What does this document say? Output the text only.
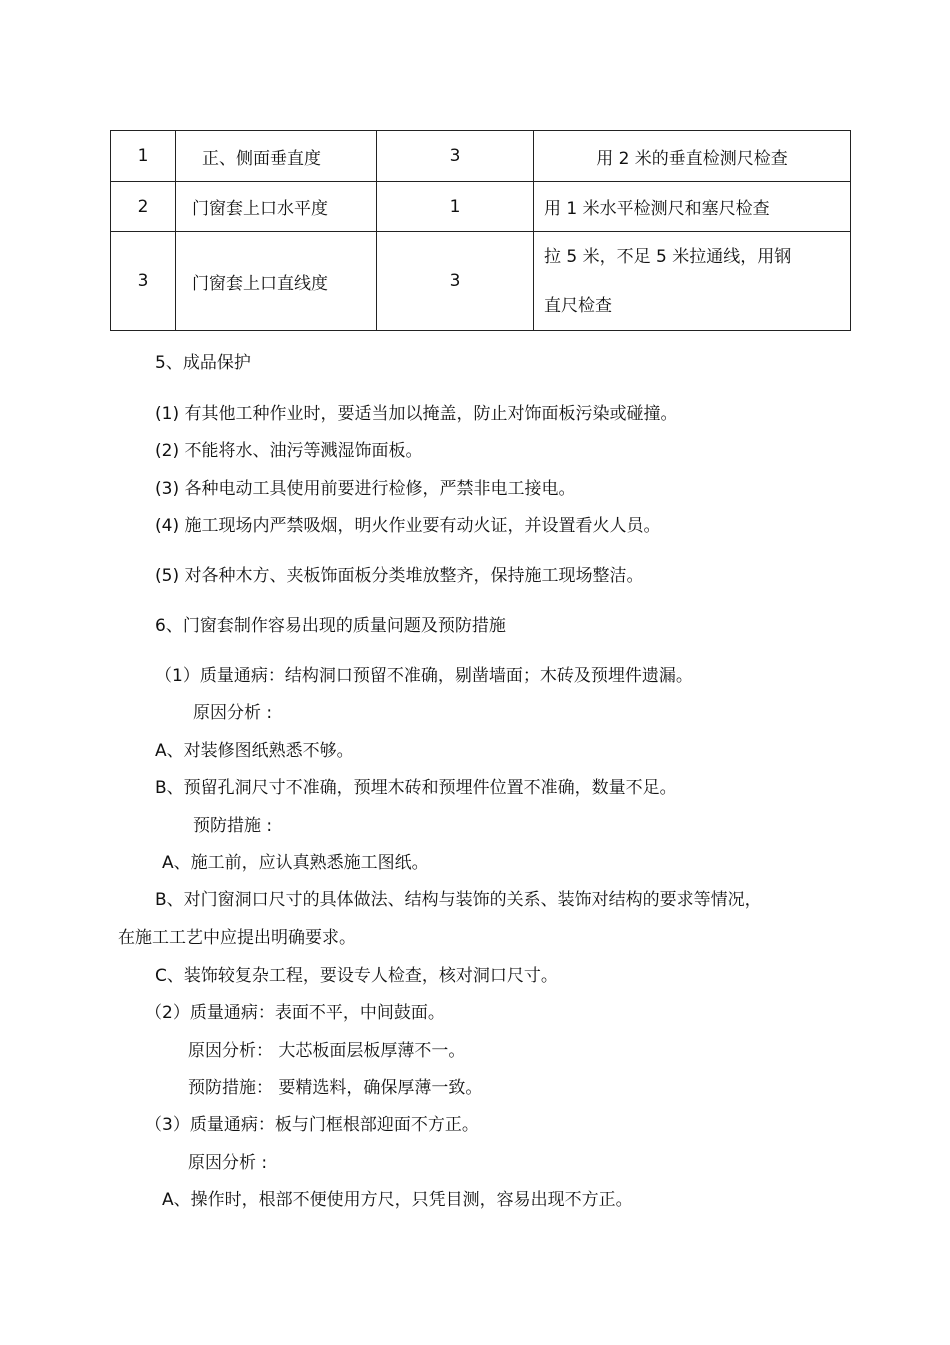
1	正、侧面垂直度	3	用 2 米的垂直检测尺检查
2	门窗套上口水平度	1	用 1 米水平检测尺和塞尺检查
3	门窗套上口直线度	3	拉 5 米，不足 5 米拉通线，用钢
直尺检查
5、成品保护
(1) 有其他工种作业时，要适当加以掩盖，防止对饰面板污染或碰撞。
(2) 不能将水、油污等溅湿饰面板。
(3) 各种电动工具使用前要进行检修，严禁非电工接电。
(4) 施工现场内严禁吸烟，明火作业要有动火证，并设置看火人员。
(5) 对各种木方、夹板饰面板分类堆放整齐，保持施工现场整洁。
6、门窗套制作容易出现的质量问题及预防措施
（1）质量通病：结构洞口预留不准确，剔凿墙面；木砖及预埋件遗漏。
原因分析 :
A、对装修图纸熟悉不够。
B、预留孔洞尺寸不准确，预埋木砖和预埋件位置不准确，数量不足。
预防措施 :
A、施工前，应认真熟悉施工图纸。
B、对门窗洞口尺寸的具体做法、结构与装饰的关系、装饰对结构的要求等情况，
在施工工艺中应提出明确要求。
C、装饰较复杂工程，要设专人检查，核对洞口尺寸。
（2）质量通病：表面不平，中间鼓面。
原因分析： 大芯板面层板厚薄不一。
预防措施： 要精选料，确保厚薄一致。
（3）质量通病：板与门框根部迎面不方正。
原因分析 :
A、操作时，根部不便使用方尺，只凭目测，容易出现不方正。
